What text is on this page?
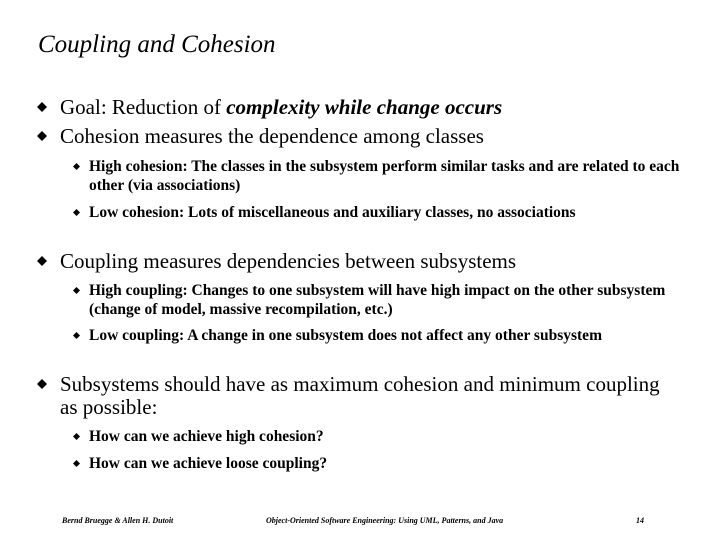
Coupling and Cohesion
Goal: Reduction of complexity while change occurs
Cohesion measures the dependence among classes
High cohesion: The classes in the subsystem perform similar tasks and are related to each other (via associations)
Low cohesion: Lots of miscellaneous and auxiliary classes, no associations
Coupling measures dependencies between subsystems
High coupling: Changes to one subsystem will have high impact on the other subsystem (change of model, massive recompilation, etc.)
Low coupling: A change in one subsystem does not affect any other subsystem
Subsystems should have as maximum cohesion and minimum coupling as possible:
How can we achieve high cohesion?
How can we achieve loose coupling?
Bernd Bruegge & Allen H. Dutoit	Object-Oriented Software Engineering: Using UML, Patterns, and Java	14
